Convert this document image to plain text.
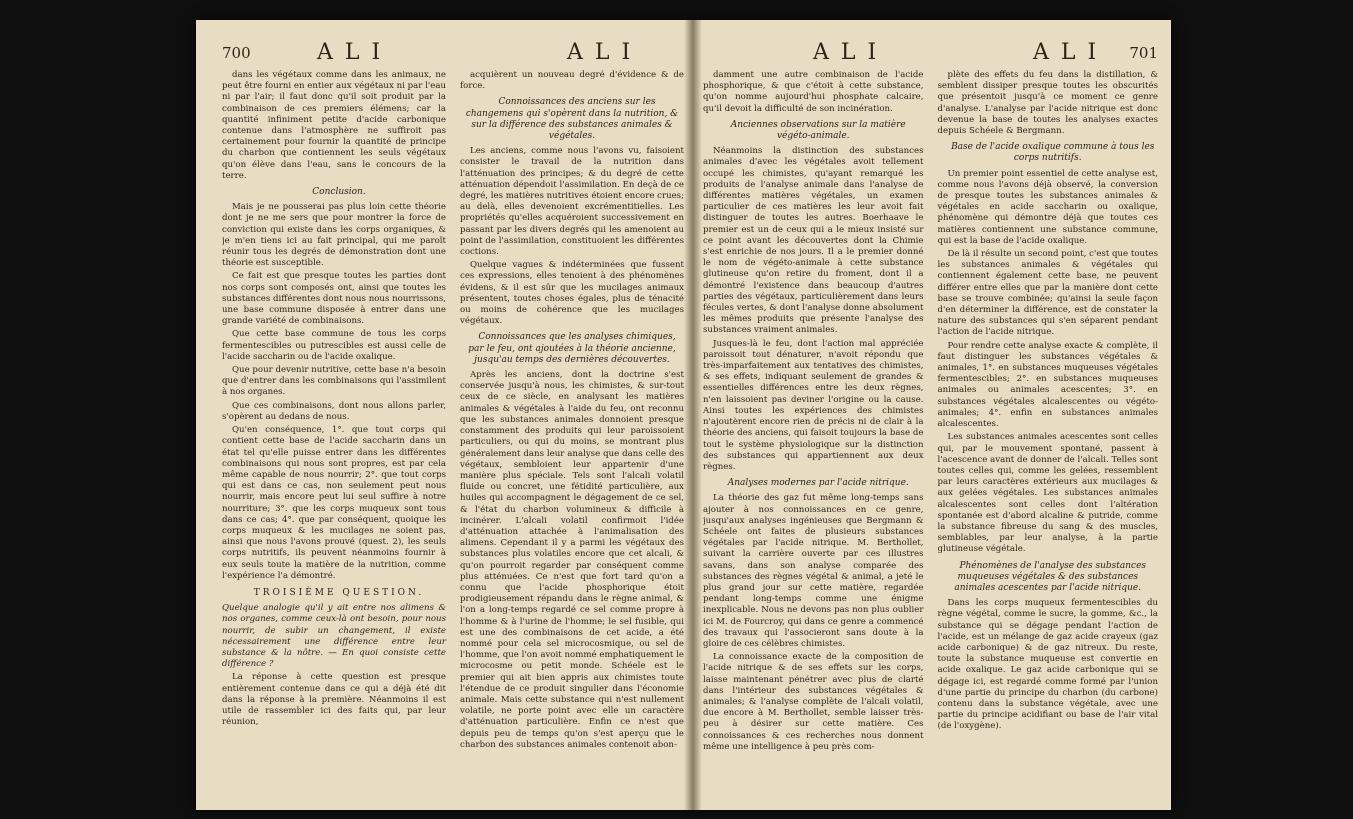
700	ALI	ALI

dans les végétaux comme dans les animaux, ne peut être fourni en entier aux végétaux ni par l'eau ni par l'air; il faut donc qu'il soit produit par la combinaison de ces premiers élémens; car la quantité infiniment petite d'acide carbonique contenue dans l'atmosphère ne suffiroit pas certainement pour fournir la quantité de principe du charbon que contiennent les seuls végétaux qu'on élève dans l'eau, sans le concours de la terre.

Conclusion.

Mais je ne pousserai pas plus loin cette théorie dont je ne me sers que pour montrer la force de conviction qui existe dans les corps organiques, & je m'en tiens ici au fait principal, qui me paroît réunir tous les degrés de démonstration dont une théorie est susceptible.

Ce fait est que presque toutes les parties dont nos corps sont composés ont, ainsi que toutes les substances différentes dont nous nous nourrissons, une base commune disposée à entrer dans une grande variété de combinaisons.

Que cette base commune de tous les corps fermentescibles ou putrescibles est aussi celle de l'acide saccharin ou de l'acide oxalique.

Que pour devenir nutritive, cette base n'a besoin que d'entrer dans les combinaisons qui l'assimilent à nos organes.

Que ces combinaisons, dont nous allons parler, s'opèrent au dedans de nous.

Qu'en conséquence, 1°. que tout corps qui contient cette base de l'acide saccharin dans un état tel qu'elle puisse entrer dans les différentes combinaisons qui nous sont propres, est par cela même capable de nous nourrir; 2°. que tout corps qui est dans ce cas, non seulement peut nous nourrir, mais encore peut lui seul suffire à notre nourriture; 3°. que les corps muqueux sont tous dans ce cas; 4°. que par conséquent, quoique les corps muqueux & les mucilages ne soient pas, ainsi que nous l'avons prouvé (quest. 2), les seuls corps nutritifs, ils peuvent néanmoins fournir à eux seuls toute la matière de la nutrition, comme l'expérience l'a démontré.

TROISIÈME QUESTION.

Quelque analogie qu'il y ait entre nos alimens & nos organes, comme ceux-là ont besoin, pour nous nourrir, de subir un changement, il existe nécessairement une différence entre leur substance & la nôtre. — En quoi consiste cette différence ?

La réponse à cette question est presque entièrement contenue dans ce qui a déjà été dit dans la réponse à la première. Néanmoins il est utile de rassembler ici des faits qui, par leur réunion,

acquièrent un nouveau degré d'évidence & de force.

Connoissances des anciens sur les changemens qui s'opèrent dans la nutrition, & sur la différence des substances animales & végétales.

Les anciens, comme nous l'avons vu, faisoient consister le travail de la nutrition dans l'atténuation des principes; & du degré de cette atténuation dépendoit l'assimilation. En deçà de ce degré, les matières nutritives étoient encore crues; au delà, elles devenoient excrémentitielles. Les propriétés qu'elles acquéroient successivement en passant par les divers degrés qui les amenoient au point de l'assimilation, constituoient les différentes coctions.

Quelque vagues & indéterminées que fussent ces expressions, elles tenoient à des phénomènes évidens, & il est sûr que les mucilages animaux présentent, toutes choses égales, plus de ténacité ou moins de cohérence que les mucilages végétaux.

Connoissances que les analyses chimiques, par le feu, ont ajoutées à la théorie ancienne, jusqu'au temps des dernières découvertes.

Après les anciens, dont la doctrine s'est conservée jusqu'à nous, les chimistes, & sur-tout ceux de ce siècle, en analysant les matières animales & végétales à l'aide du feu, ont reconnu que les substances animales donnoient presque constamment des produits qui leur paroissoient particuliers, ou qui du moins, se montrant plus généralement dans leur analyse que dans celle des végétaux, sembloient leur appartenir d'une manière plus spéciale. Tels sont l'alcali volatil fluide ou concret, une fétidité particulière, aux huiles qui accompagnent le dégagement de ce sel, & l'état du charbon volumineux & difficile à incinérer. L'alcali volatil confirmoit l'idée d'atténuation attachée à l'animalisation des alimens. Cependant il y a parmi les végétaux des substances plus volatiles encore que cet alcali, & qu'on pourroit regarder par conséquent comme plus atténuées. Ce n'est que fort tard qu'on a connu que l'acide phosphorique étoit prodigieusement répandu dans le règne animal, & l'on a long-temps regardé ce sel comme propre à l'homme & à l'urine de l'homme; le sel fusible, qui est une des combinaisons de cet acide, a été nommé pour cela sel microcosmique, ou sel de l'homme, que l'on avoit nommé emphatiquement le microcosme ou petit monde. Schéele est le premier qui ait bien appris aux chimistes toute l'étendue de ce produit singulier dans l'économie animale. Mais cette substance qui n'est nullement volatile, ne porte point avec elle un caractère d'atténuation particulière. Enfin ce n'est que depuis peu de temps qu'on s'est aperçu que le charbon des substances animales contenoit abon-

ALI	ALI 701

damment une autre combinaison de l'acide phosphorique, & que c'étoit à cette substance, qu'on nomme aujourd'hui phosphate calcaire, qu'il devoit la difficulté de son incinération.

Anciennes observations sur la matière végéto-animale.

Néanmoins la distinction des substances animales d'avec les végétales avoit tellement occupé les chimistes, qu'ayant remarqué les produits de l'analyse animale dans l'analyse de différentes matières végétales, un examen particulier de ces matières les leur avoit fait distinguer de toutes les autres. Boerhaave le premier est un de ceux qui a le mieux insisté sur ce point avant les découvertes dont la Chimie s'est enrichie de nos jours. Il a le premier donné le nom de végéto-animale à cette substance glutineuse qu'on retire du froment, dont il a démontré l'existence dans beaucoup d'autres parties des végétaux, particulièrement dans leurs fécules vertes, & dont l'analyse donne absolument les mêmes produits que présente l'analyse des substances vraiment animales.

Jusques-là le feu, dont l'action mal appréciée paroissoit tout dénaturer, n'avoit répondu que très-imparfaitement aux tentatives des chimistes, & ses effets, indiquant seulement de grandes & essentielles différences entre les deux règnes, n'en laissoient pas deviner l'origine ou la cause. Ainsi toutes les expériences des chimistes n'ajoutèrent encore rien de précis ni de clair à la théorie des anciens, qui faisoit toujours la base de tout le système physiologique sur la distinction des substances qui appartiennent aux deux règnes.

Analyses modernes par l'acide nitrique.

La théorie des gaz fut même long-temps sans ajouter à nos connoissances en ce genre, jusqu'aux analyses ingénieuses que Bergmann & Schéele ont faites de plusieurs substances végétales par l'acide nitrique. M. Berthollet, suivant la carrière ouverte par ces illustres savans, dans son analyse comparée des substances des règnes végétal & animal, a jeté le plus grand jour sur cette matière, regardée pendant long-temps comme une énigme inexplicable. Nous ne devons pas non plus oublier ici M. de Fourcroy, qui dans ce genre a commencé des travaux qui l'associeront sans doute à la gloire de ces célèbres chimistes.

La connoissance exacte de la composition de l'acide nitrique & de ses effets sur les corps, laisse maintenant pénétrer avec plus de clarté dans l'intérieur des substances végétales & animales; & l'analyse complète de l'alcali volatil, due encore à M. Berthollet, semble laisser très-peu à désirer sur cette matière. Ces connoissances & ces recherches nous donnent même une intelligence à peu près com-

plète des effets du feu dans la distillation, & semblent dissiper presque toutes les obscurités que présentoit jusqu'à ce moment ce genre d'analyse. L'analyse par l'acide nitrique est donc devenue la base de toutes les analyses exactes depuis Schéele & Bergmann.

Base de l'acide oxalique commune à tous les corps nutritifs.

Un premier point essentiel de cette analyse est, comme nous l'avons déjà observé, la conversion de presque toutes les substances animales & végétales en acide saccharin ou oxalique, phénomène qui démontre déjà que toutes ces matières contiennent une substance commune, qui est la base de l'acide oxalique.

De là il résulte un second point, c'est que toutes les substances animales & végétales qui contiennent également cette base, ne peuvent différer entre elles que par la manière dont cette base se trouve combinée; qu'ainsi la seule façon d'en déterminer la différence, est de constater la nature des substances qui s'en séparent pendant l'action de l'acide nitrique.

Pour rendre cette analyse exacte & complète, il faut distinguer les substances végétales & animales, 1°. en substances muqueuses végétales fermentescibles; 2°. en substances muqueuses animales ou animales acescentes; 3°. en substances végétales alcalescentes ou végéto-animales; 4°. enfin en substances animales alcalescentes.

Les substances animales acescentes sont celles qui, par le mouvement spontané, passent à l'acescence avant de donner de l'alcali. Telles sont toutes celles qui, comme les gelées, ressemblent par leurs caractères extérieurs aux mucilages & aux gelées végétales. Les substances animales alcalescentes sont celles dont l'altération spontanée est d'abord alcaline & putride, comme la substance fibreuse du sang & des muscles, semblables, par leur analyse, à la partie glutineuse végétale.

Phénomènes de l'analyse des substances muqueuses végétales & des substances animales acescentes par l'acide nitrique.

Dans les corps muqueux fermentescibles du règne végétal, comme le sucre, la gomme, &c., la substance qui se dégage pendant l'action de l'acide, est un mélange de gaz acide crayeux (gaz acide carbonique) & de gaz nitreux. Du reste, toute la substance muqueuse est convertie en acide oxalique. Le gaz acide carbonique qui se dégage ici, est regardé comme formé par l'union d'une partie du principe du charbon (du carbone) contenu dans la substance végétale, avec une partie du principe acidifiant ou base de l'air vital (de l'oxygène).
